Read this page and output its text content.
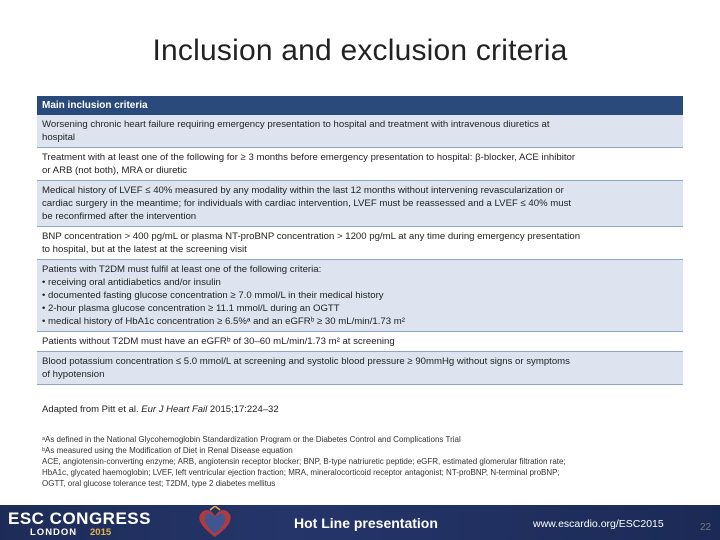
Inclusion and exclusion criteria
Main inclusion criteria

Worsening chronic heart failure requiring emergency presentation to hospital and treatment with intravenous diuretics at
hospital

Treatment with at least one of the following for ≥ 3 months before emergency presentation to hospital: β-blocker, ACE inhibitor
or ARB (not both), MRA or diuretic

Medical history of LVEF ≤ 40% measured by any modality within the last 12 months without intervening revascularization or
cardiac surgery in the meantime; for individuals with cardiac intervention, LVEF must be reassessed and a LVEF ≤ 40% must
be reconfirmed after the intervention

BNP concentration > 400 pg/mL or plasma NT-proBNP concentration > 1200 pg/mL at any time during emergency presentation
to hospital, but at the latest at the screening visit

Patients with T2DM must fulfil at least one of the following criteria:
• receiving oral antidiabetics and/or insulin
• documented fasting glucose concentration ≥ 7.0 mmol/L in their medical history
• 2-hour plasma glucose concentration ≥ 11.1 mmol/L during an OGTT
• medical history of HbA1c concentration ≥ 6.5%ᵃ and an eGFRᵇ ≥ 30 mL/min/1.73 m²

Patients without T2DM must have an eGFRᵇ of 30–60 mL/min/1.73 m² at screening

Blood potassium concentration ≤ 5.0 mmol/L at screening and systolic blood pressure ≥ 90mmHg without signs or symptoms
of hypotension
Adapted from Pitt et al. Eur J Heart Fail 2015;17:224–32
ᵃAs defined in the National Glycohemoglobin Standardization Program or the Diabetes Control and Complications Trial
ᵇAs measured using the Modification of Diet in Renal Disease equation
ACE, angiotensin-converting enzyme; ARB, angiotensin receptor blocker; BNP, B-type natriuretic peptide; eGFR, estimated glomerular filtration rate;
HbA1c, glycated haemoglobin; LVEF, left ventricular ejection fraction; MRA, mineralocorticoid receptor antagonist; NT-proBNP, N-terminal proBNP;
OGTT, oral glucose tolerance test; T2DM, type 2 diabetes mellitus
ESC CONGRESS
LONDON 2015
Hot Line presentation	www.escardio.org/ESC2015	22
